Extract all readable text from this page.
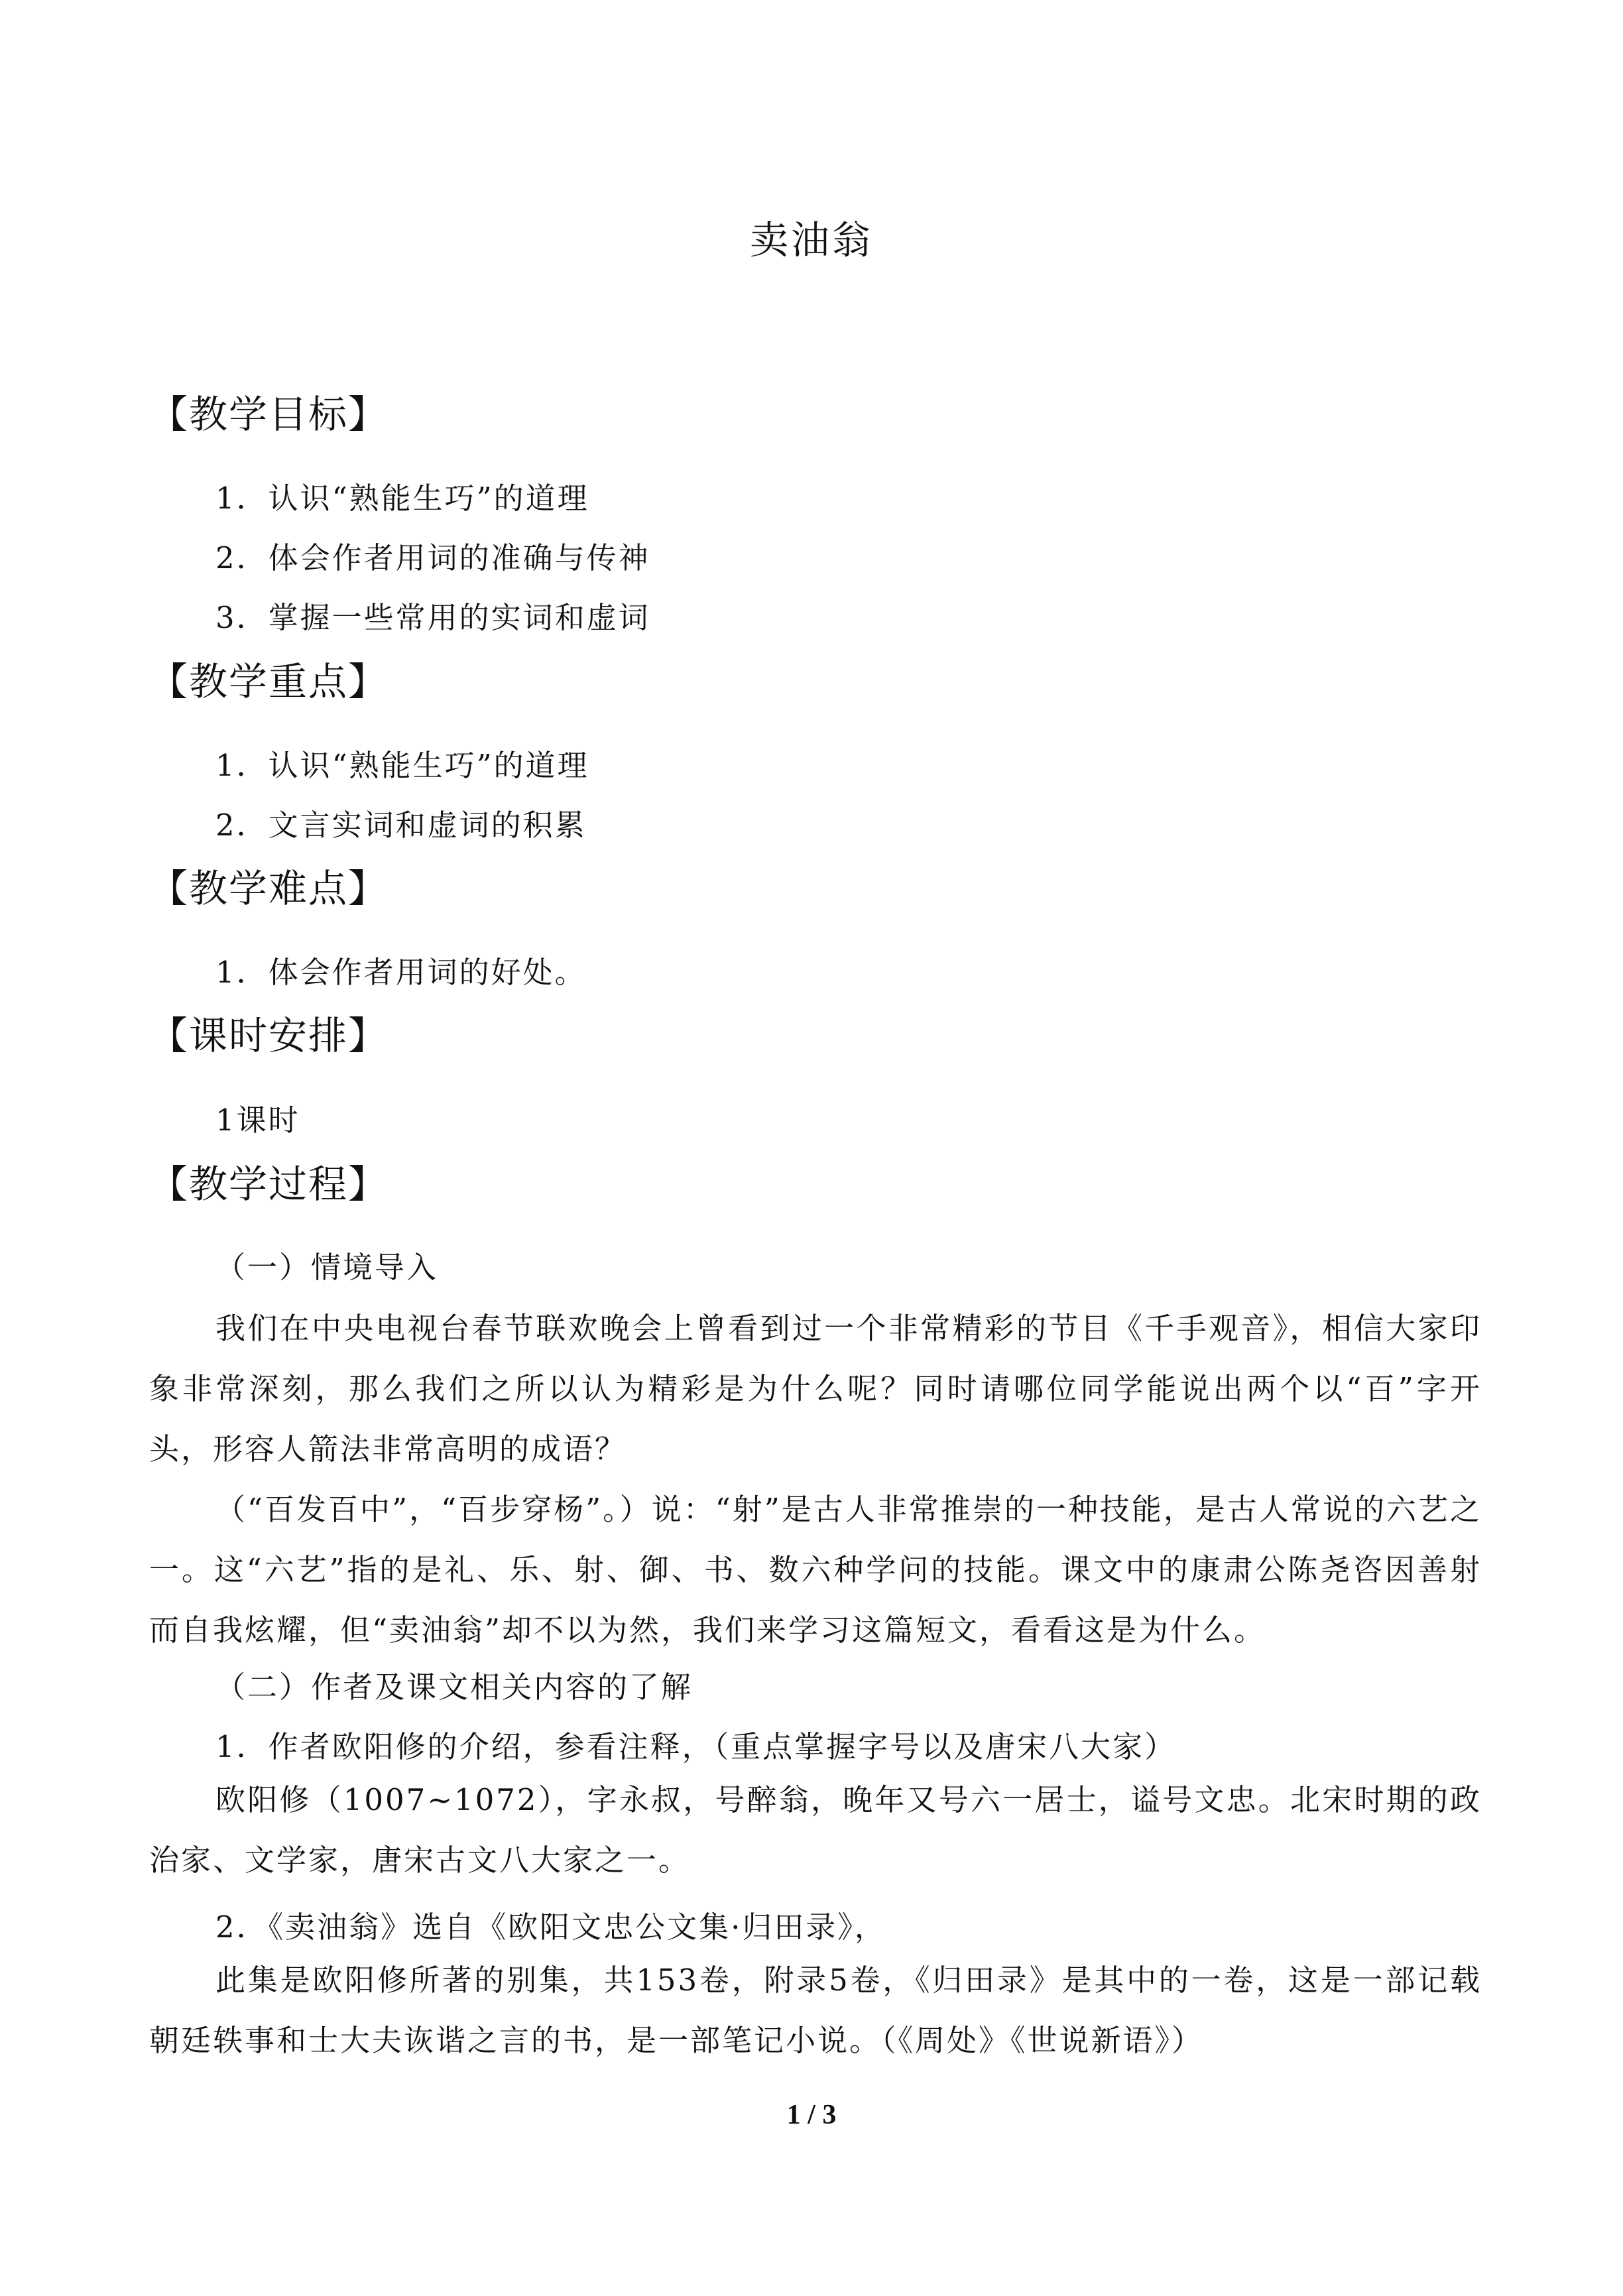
卖油翁
【教学目标】
1．认识“熟能生巧”的道理
2．体会作者用词的准确与传神
3．掌握一些常用的实词和虚词
【教学重点】
1．认识“熟能生巧”的道理
2．文言实词和虚词的积累
【教学难点】
1．体会作者用词的好处。
【课时安排】
1课时
【教学过程】
（一）情境导入
我们在中央电视台春节联欢晚会上曾看到过一个非常精彩的节目《千手观音》，相信大家印象非常深刻，那么我们之所以认为精彩是为什么呢？同时请哪位同学能说出两个以“百”字开头，形容人箭法非常高明的成语？
（“百发百中”，“百步穿杨”。）说：“射”是古人非常推崇的一种技能，是古人常说的六艺之一。这“六艺”指的是礼、乐、射、御、书、数六种学问的技能。课文中的康肃公陈尧咨因善射而自我炫耀，但“卖油翁”却不以为然，我们来学习这篇短文，看看这是为什么。
（二）作者及课文相关内容的了解
1．作者欧阳修的介绍，参看注释，（重点掌握字号以及唐宋八大家）
欧阳修（1007~1072），字永叔，号醉翁，晚年又号六一居士，谥号文忠。北宋时期的政治家、文学家，唐宋古文八大家之一。
2．《卖油翁》选自《欧阳文忠公文集·归田录》，
此集是欧阳修所著的别集，共153卷，附录5卷，《归田录》是其中的一卷，这是一部记载朝廷轶事和士大夫诙谐之言的书，是一部笔记小说。（《周处》《世说新语》）
1 / 3
